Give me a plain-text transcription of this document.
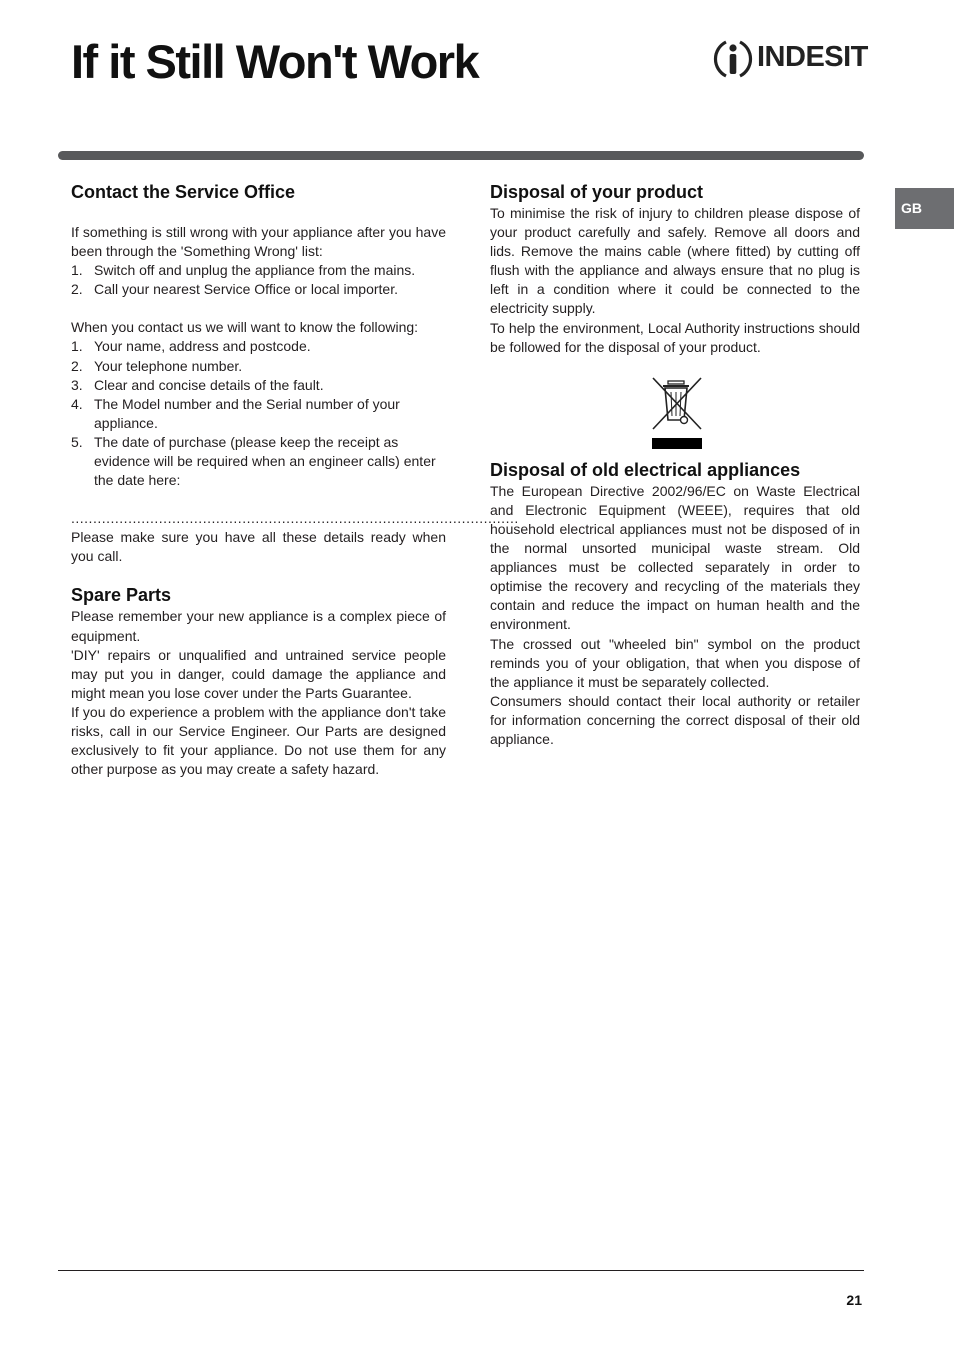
If it Still Won't Work	INDESIT
GB
Contact the Service Office

If something is still wrong with your appliance after you have been through the 'Something Wrong' list:

1. Switch off and unplug the appliance from the mains.
2. Call your nearest Service Office or local importer.

When you contact us we will want to know the following:

1. Your name, address and postcode.
2. Your telephone number.
3. Clear and concise details of the fault.
4. The Model number and the Serial number of your appliance.
5. The date of purchase (please keep the receipt as evidence will be required when an engineer calls) enter the date here:
......................................................................................................

Please make sure you have all these details ready when you call.

Spare Parts

Please remember your new appliance is a complex piece of equipment.

'DIY' repairs or unqualified and untrained service people may put you in danger, could damage the appliance and might mean you lose cover under the Parts Guarantee.

If you do experience a problem with the appliance don't take risks, call in our Service Engineer. Our Parts are designed exclusively to fit your appliance. Do not use them for any other purpose as you may create a safety hazard.

Disposal of your product

To minimise the risk of injury to children please dispose of your product carefully and safely. Remove all doors and lids. Remove the mains cable (where fitted) by cutting off flush with the appliance and always ensure that no plug is left in a condition where it could be connected to the electricity supply.

To help the environment, Local Authority instructions should be followed for the disposal of your product.

Disposal of old electrical appliances

The European Directive 2002/96/EC on Waste Electrical and Electronic Equipment (WEEE), requires that old household electrical appliances must not be disposed of in the normal unsorted municipal waste stream. Old appliances must be collected separately in order to optimise the recovery and recycling of the materials they contain and reduce the impact on human health and the environment.

The crossed out "wheeled bin" symbol on the product reminds you of your obligation, that when you dispose of the appliance it must be separately collected.

Consumers should contact their local authority or retailer for information concerning the correct disposal of their old appliance.

21
